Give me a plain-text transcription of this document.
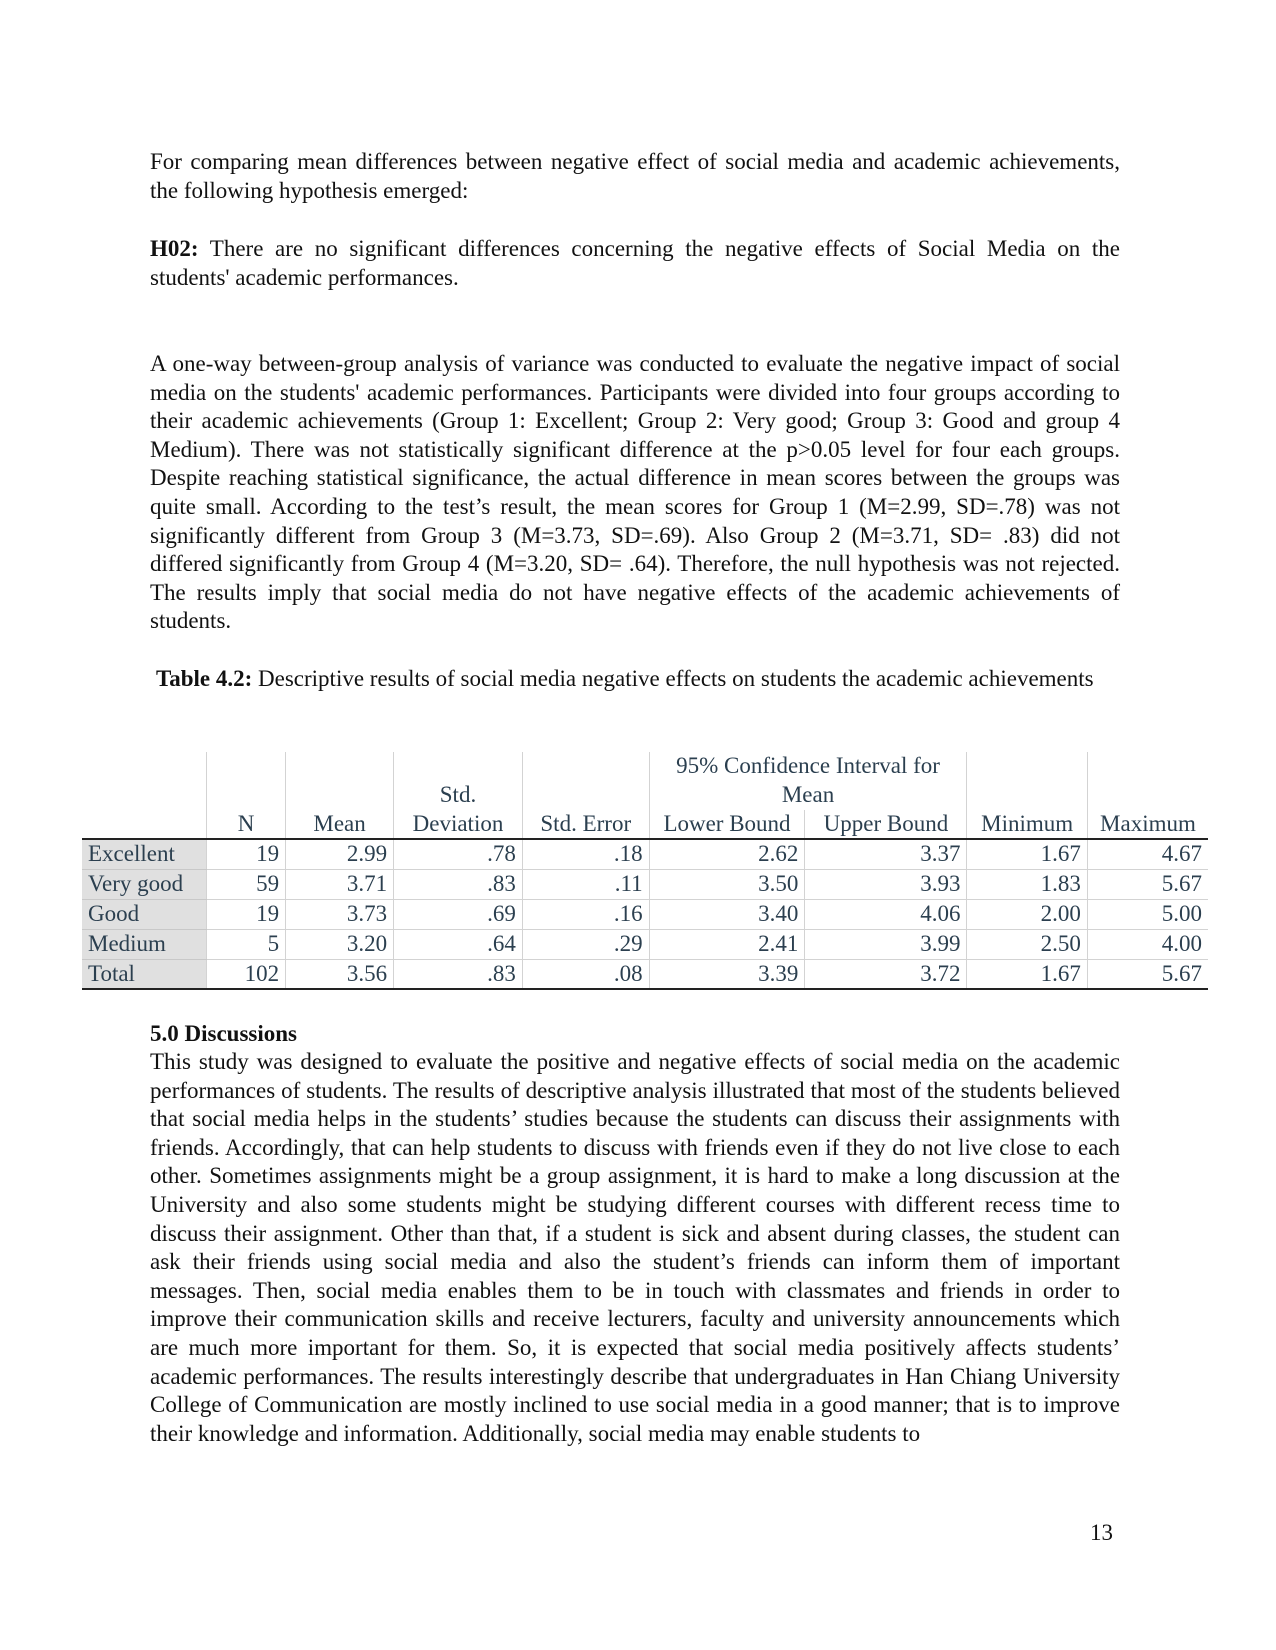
For comparing mean differences between negative effect of social media and academic achievements, the following hypothesis emerged:

H02: There are no significant differences concerning the negative effects of Social Media on the students' academic performances.

A one-way between-group analysis of variance was conducted to evaluate the negative impact of social media on the students' academic performances. Participants were divided into four groups according to their academic achievements (Group 1: Excellent; Group 2: Very good; Group 3: Good and group 4 Medium). There was not statistically significant difference at the p>0.05 level for four each groups. Despite reaching statistical significance, the actual difference in mean scores between the groups was quite small. According to the test’s result, the mean scores for Group 1 (M=2.99, SD=.78) was not significantly different from Group 3 (M=3.73, SD=.69). Also Group 2 (M=3.71, SD= .83) did not differed significantly from Group 4 (M=3.20, SD= .64). Therefore, the null hypothesis was not rejected. The results imply that social media do not have negative effects of the academic achievements of students.

Table 4.2: Descriptive results of social media negative effects on students the academic achievements

					95% Confidence Interval for			
			Std.		Mean			
	N	Mean	Deviation	Std. Error	Lower Bound	Upper Bound	Minimum	Maximum
Excellent	19	2.99	.78	.18	2.62	3.37	1.67	4.67
Very good	59	3.71	.83	.11	3.50	3.93	1.83	5.67
Good	19	3.73	.69	.16	3.40	4.06	2.00	5.00
Medium	5	3.20	.64	.29	2.41	3.99	2.50	4.00
Total	102	3.56	.83	.08	3.39	3.72	1.67	5.67

5.0 Discussions

This study was designed to evaluate the positive and negative effects of social media on the academic performances of students. The results of descriptive analysis illustrated that most of the students believed that social media helps in the students’ studies because the students can discuss their assignments with friends. Accordingly, that can help students to discuss with friends even if they do not live close to each other. Sometimes assignments might be a group assignment, it is hard to make a long discussion at the University and also some students might be studying different courses with different recess time to discuss their assignment. Other than that, if a student is sick and absent during classes, the student can ask their friends using social media and also the student’s friends can inform them of important messages. Then, social media enables them to be in touch with classmates and friends in order to improve their communication skills and receive lecturers, faculty and university announcements which are much more important for them. So, it is expected that social media positively affects students’ academic performances. The results interestingly describe that undergraduates in Han Chiang University College of Communication are mostly inclined to use social media in a good manner; that is to improve their knowledge and information. Additionally, social media may enable students to

13
